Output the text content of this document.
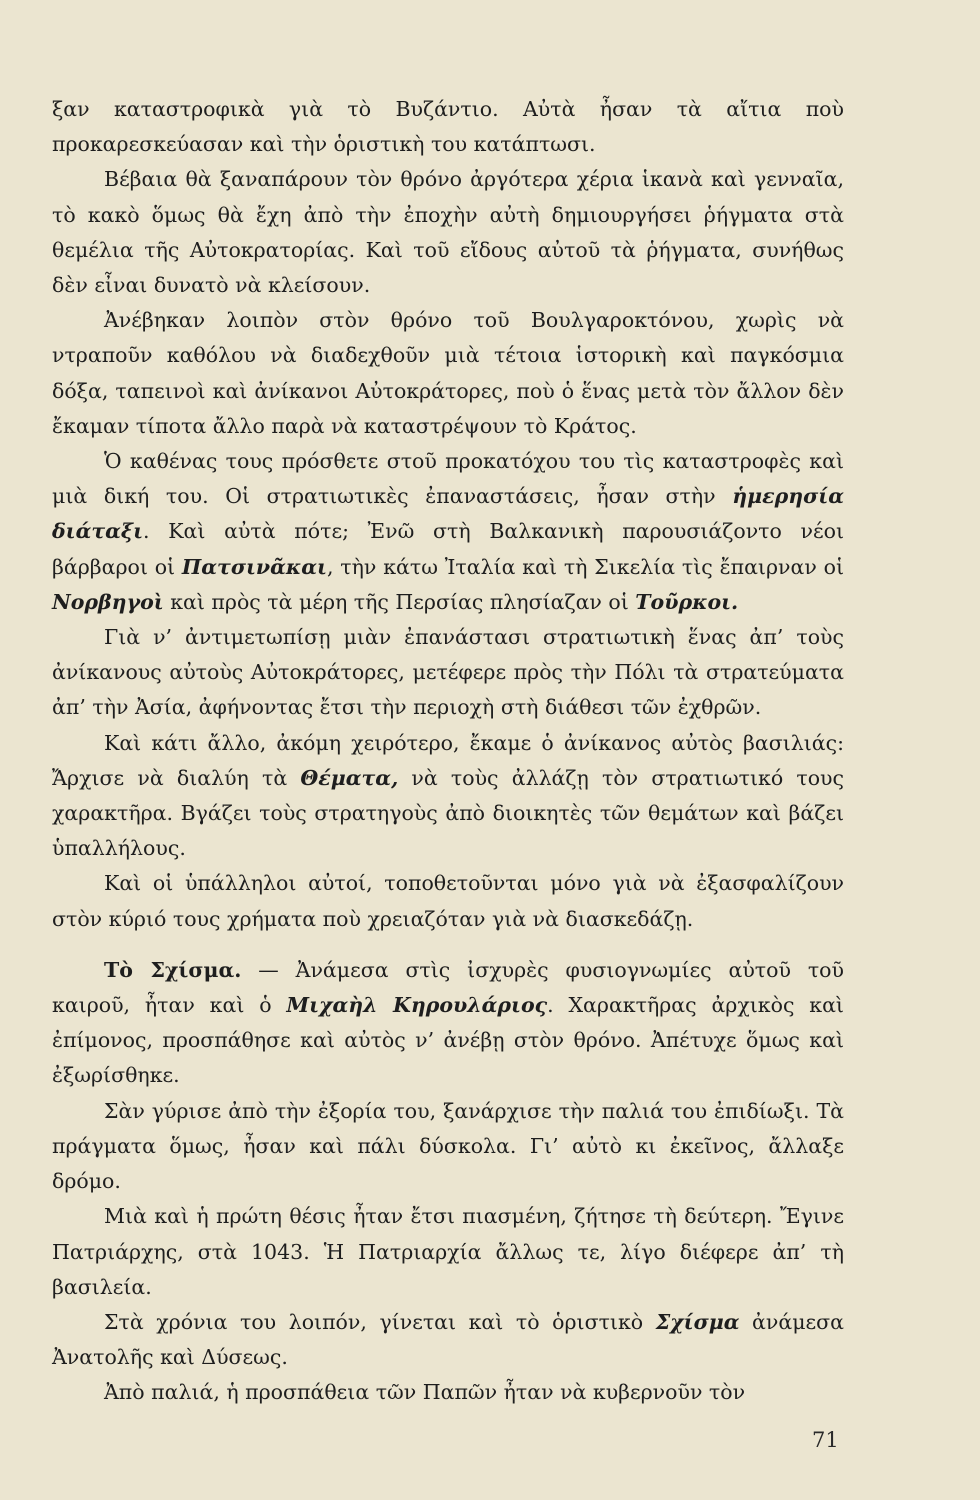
ξαν καταστροφικὰ γιὰ τὸ Βυζάντιο. Αὐτὰ ἦσαν τὰ αἴτια ποὺ προκαρεσκεύασαν καὶ τὴν ὁριστικὴ του κατάπτωσι.

Βέβαια θὰ ξαναπάρουν τὸν θρόνο ἀργότερα χέρια ἱκανὰ καὶ γενναῖα, τὸ κακὸ ὅμως θὰ ἔχη ἀπὸ τὴν ἐποχὴν αὐτὴ δημιουργήσει ῥήγματα στὰ θεμέλια τῆς Αὐτοκρατορίας. Καὶ τοῦ εἴδους αὐτοῦ τὰ ῥήγματα, συνήθως δὲν εἶναι δυνατὸ νὰ κλείσουν.

Ἀνέβηκαν λοιπὸν στὸν θρόνο τοῦ Βουλγαροκτόνου, χωρὶς νὰ ντραποῦν καθόλου νὰ διαδεχθοῦν μιὰ τέτοια ἱστορικὴ καὶ παγκόσμια δόξα, ταπεινοὶ καὶ ἀνίκανοι Αὐτοκράτορες, ποὺ ὁ ἕνας μετὰ τὸν ἄλλον δὲν ἔκαμαν τίποτα ἄλλο παρὰ νὰ καταστρέψουν τὸ Κράτος.

Ὁ καθένας τους πρόσθετε στοῦ προκατόχου του τὶς καταστροφὲς καὶ μιὰ δική του. Οἱ στρατιωτικὲς ἐπαναστάσεις, ἦσαν στὴν ἡμερησία διάταξι. Καὶ αὐτὰ πότε; Ἐνῶ στὴ Βαλκανικὴ παρουσιάζοντο νέοι βάρβαροι οἱ Πατσινᾶκαι, τὴν κάτω Ἰταλία καὶ τὴ Σικελία τὶς ἔπαιρναν οἱ Νορβηγοὶ καὶ πρὸς τὰ μέρη τῆς Περσίας πλησίαζαν οἱ Τοῦρκοι.

Γιὰ ν’ ἀντιμετωπίσῃ μιὰν ἐπανάστασι στρατιωτικὴ ἕνας ἀπ’ τοὺς ἀνίκανους αὐτοὺς Αὐτοκράτορες, μετέφερε πρὸς τὴν Πόλι τὰ στρατεύματα ἀπ’ τὴν Ἀσία, ἀφήνοντας ἔτσι τὴν περιοχὴ στὴ διάθεσι τῶν ἐχθρῶν.

Καὶ κάτι ἄλλο, ἀκόμη χειρότερο, ἔκαμε ὁ ἀνίκανος αὐτὸς βασιλιάς: Ἄρχισε νὰ διαλύη τὰ Θέματα, νὰ τοὺς ἀλλάζῃ τὸν στρατιωτικό τους χαρακτῆρα. Βγάζει τοὺς στρατηγοὺς ἀπὸ διοικητὲς τῶν θεμάτων καὶ βάζει ὑπαλλήλους.

Καὶ οἱ ὑπάλληλοι αὐτοί, τοποθετοῦνται μόνο γιὰ νὰ ἐξασφαλίζουν στὸν κύριό τους χρήματα ποὺ χρειαζόταν γιὰ νὰ διασκεδάζῃ.

Τὸ Σχίσμα. — Ἀνάμεσα στὶς ἰσχυρὲς φυσιογνωμίες αὐτοῦ τοῦ καιροῦ, ἦταν καὶ ὁ Μιχαὴλ Κηρουλάριος. Χαρακτῆρας ἀρχικὸς καὶ ἐπίμονος, προσπάθησε καὶ αὐτὸς ν’ ἀνέβῃ στὸν θρόνο. Ἀπέτυχε ὅμως καὶ ἐξωρίσθηκε.

Σὰν γύρισε ἀπὸ τὴν ἐξορία του, ξανάρχισε τὴν παλιά του ἐπιδίωξι. Τὰ πράγματα ὅμως, ἦσαν καὶ πάλι δύσκολα. Γι’ αὐτὸ κι ἐκεῖνος, ἄλλαξε δρόμο.

Μιὰ καὶ ἡ πρώτη θέσις ἦταν ἔτσι πιασμένη, ζήτησε τὴ δεύτερη. Ἔγινε Πατριάρχης, στὰ 1043. Ἡ Πατριαρχία ἄλλως τε, λίγο διέφερε ἀπ’ τὴ βασιλεία.

Στὰ χρόνια του λοιπόν, γίνεται καὶ τὸ ὁριστικὸ Σχίσμα ἀνάμεσα Ἀνατολῆς καὶ Δύσεως.

Ἀπὸ παλιά, ἡ προσπάθεια τῶν Παπῶν ἦταν νὰ κυβερνοῦν τὸν

71
